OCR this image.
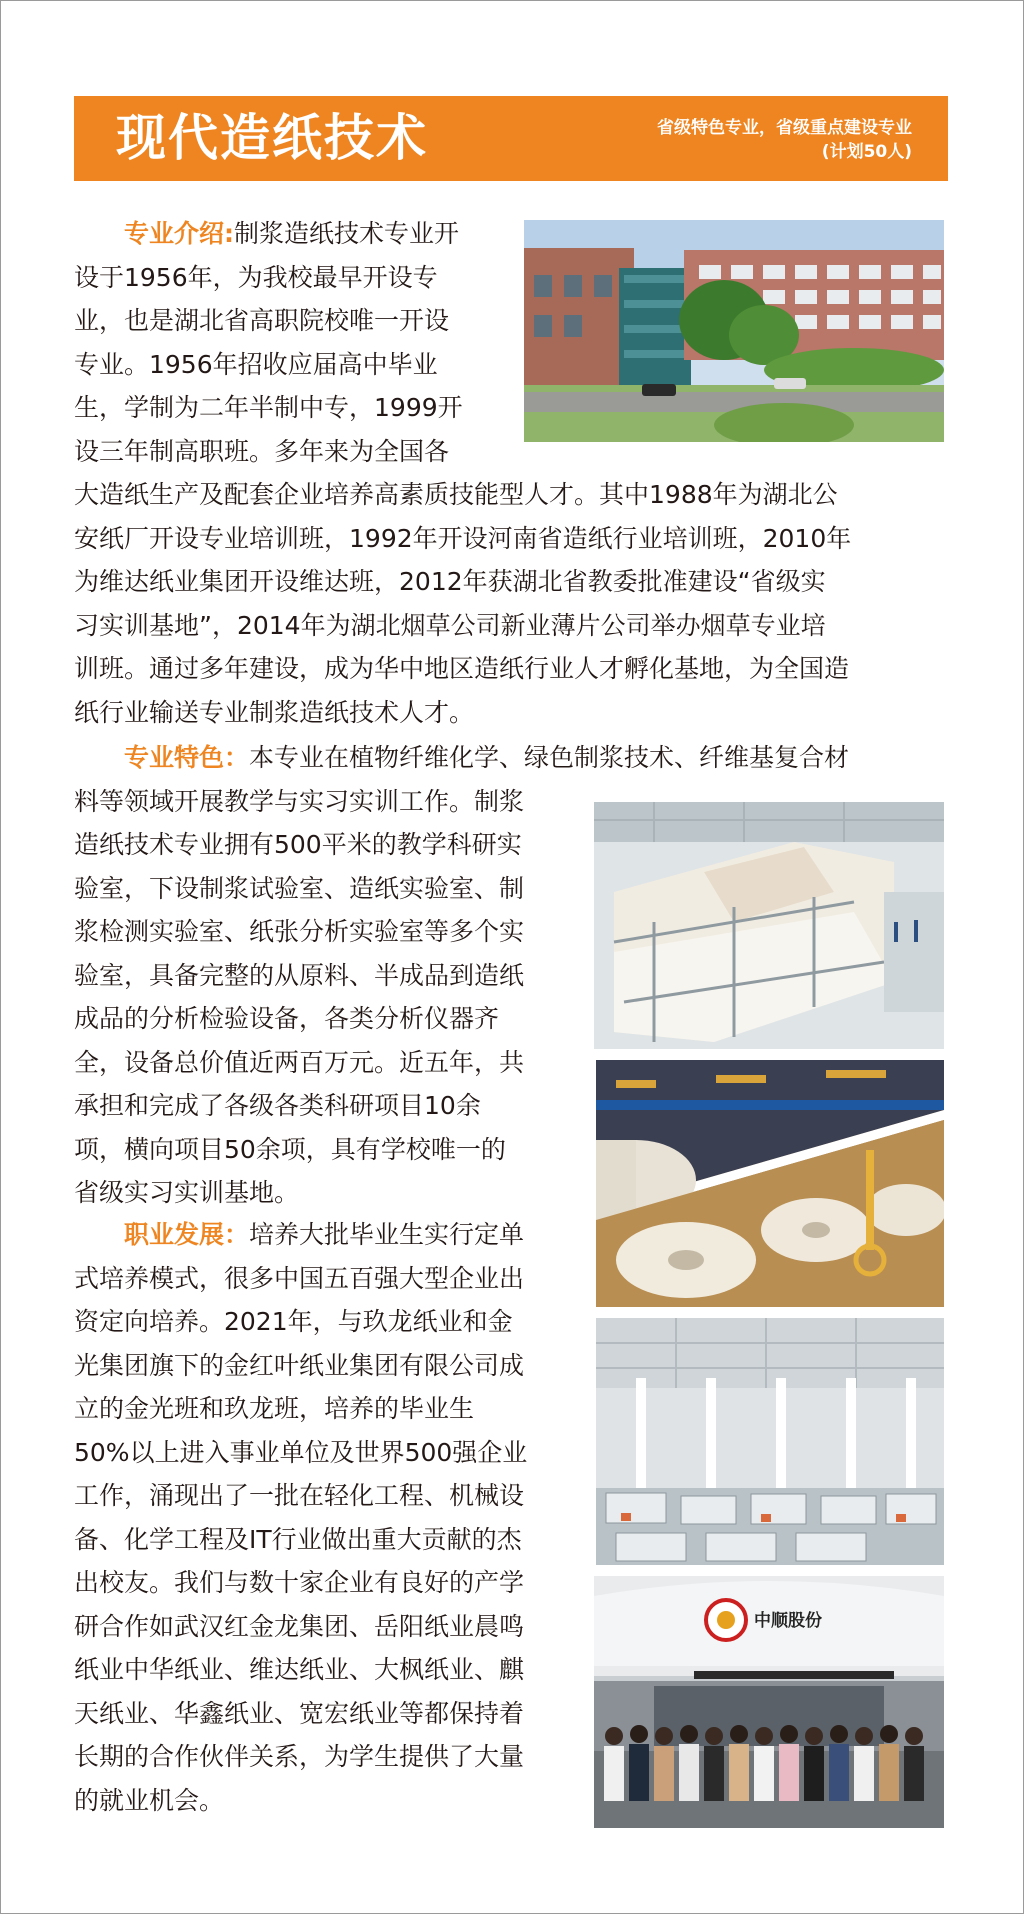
现代造纸技术	省级特色专业，省级重点建设专业
(计划50人)
专业介绍:制浆造纸技术专业开
设于1956年，为我校最早开设专
业，也是湖北省高职院校唯一开设
专业。1956年招收应届高中毕业
生，学制为二年半制中专，1999开
设三年制高职班。多年来为全国各
大造纸生产及配套企业培养高素质技能型人才。其中1988年为湖北公
安纸厂开设专业培训班，1992年开设河南省造纸行业培训班，2010年
为维达纸业集团开设维达班，2012年获湖北省教委批准建设“省级实
习实训基地”，2014年为湖北烟草公司新业薄片公司举办烟草专业培
训班。通过多年建设，成为华中地区造纸行业人才孵化基地，为全国造
纸行业输送专业制浆造纸技术人才。
专业特色：本专业在植物纤维化学、绿色制浆技术、纤维基复合材
料等领域开展教学与实习实训工作。制浆
造纸技术专业拥有500平米的教学科研实
验室，下设制浆试验室、造纸实验室、制
浆检测实验室、纸张分析实验室等多个实
验室，具备完整的从原料、半成品到造纸
成品的分析检验设备，各类分析仪器齐
全，设备总价值近两百万元。近五年，共
承担和完成了各级各类科研项目10余
项，横向项目50余项，具有学校唯一的
省级实习实训基地。
职业发展：培养大批毕业生实行定单
式培养模式，很多中国五百强大型企业出
资定向培养。2021年，与玖龙纸业和金
光集团旗下的金红叶纸业集团有限公司成
立的金光班和玖龙班，培养的毕业生
50%以上进入事业单位及世界500强企业
工作，涌现出了一批在轻化工程、机械设
备、化学工程及IT行业做出重大贡献的杰
出校友。我们与数十家企业有良好的产学
研合作如武汉红金龙集团、岳阳纸业晨鸣
纸业中华纸业、维达纸业、大枫纸业、麒
天纸业、华鑫纸业、宽宏纸业等都保持着
长期的合作伙伴关系，为学生提供了大量
的就业机会。
中顺股份
